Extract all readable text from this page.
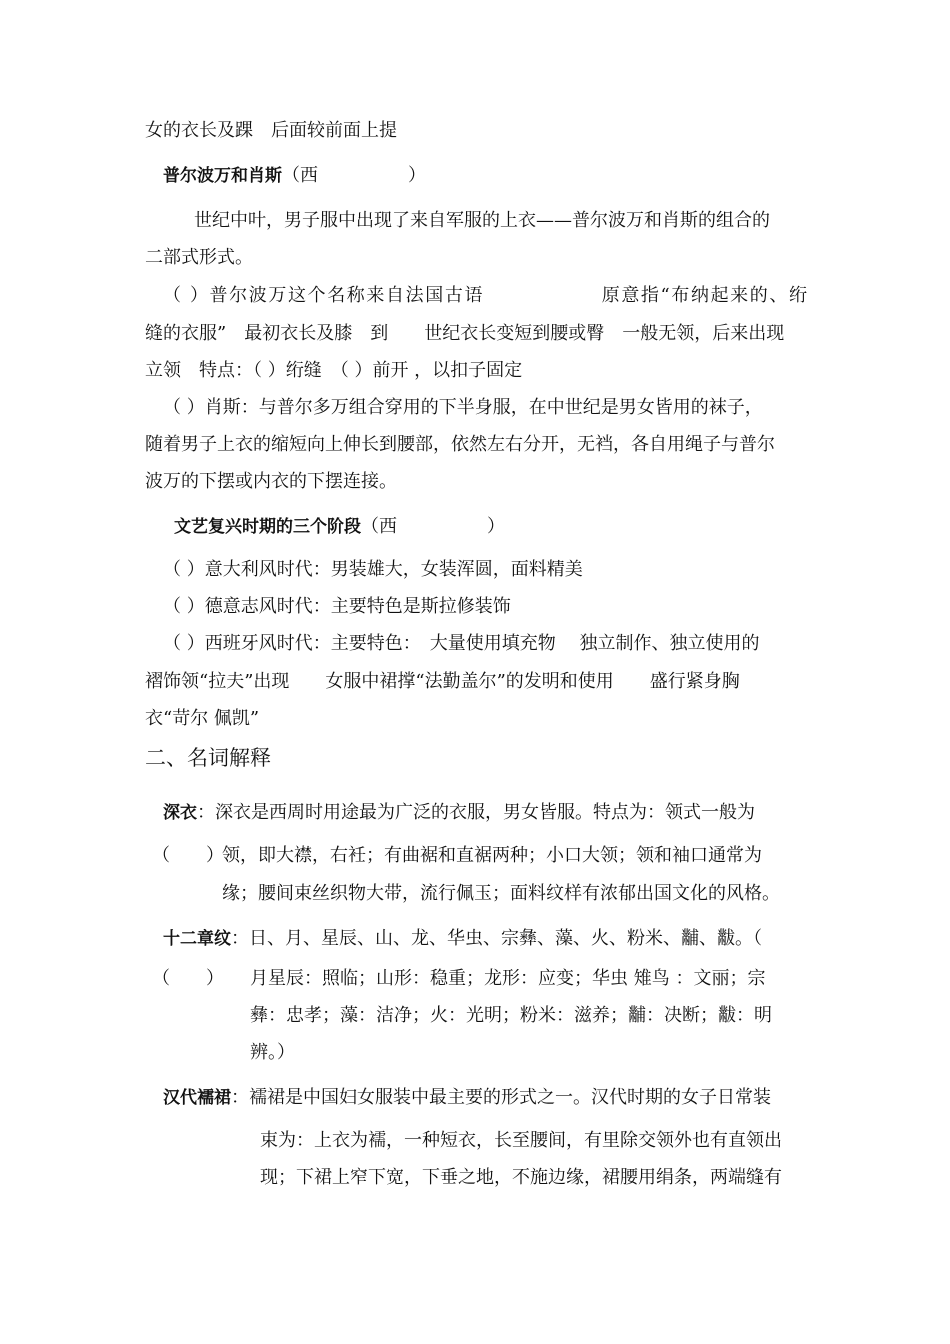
女的衣长及踝　后面较前面上提
普尔波万和肖斯（西　　　　　）
世纪中叶，男子服中出现了来自军服的上衣——普尔波万和肖斯的组合的
二部式形式。
（ ）普尔波万这个名称来自法国古语　　　　　　原意指“布纳起来的、绗
缝的衣服”　最初衣长及膝　到　　世纪衣长变短到腰或臀　一般无领，后来出现
立领　特点：（ ）绗缝　（ ）前开 ，以扣子固定
（ ）肖斯：与普尔多万组合穿用的下半身服，在中世纪是男女皆用的袜子，
随着男子上衣的缩短向上伸长到腰部，依然左右分开，无裆，各自用绳子与普尔
波万的下摆或内衣的下摆连接。
文艺复兴时期的三个阶段（西　　　　　）
（ ）意大利风时代：男装雄大，女装浑圆，面料精美
（ ）德意志风时代：主要特色是斯拉修装饰
（ ）西班牙风时代：主要特色：　大量使用填充物　 独立制作、独立使用的
褶饰领“拉夫”出现　　女服中裙撑“法勤盖尔”的发明和使用　　盛行紧身胸
衣“苛尔 佩凯”
二、名词解释
深衣：深衣是西周时用途最为广泛的衣服，男女皆服。特点为：领式一般为
（　　）
领，即大襟，右衽；有曲裾和直裾两种；小口大领；领和袖口通常为
缘；腰间束丝织物大带，流行佩玉；面料纹样有浓郁出国文化的风格。
十二章纹：日、月、星辰、山、龙、华虫、宗彝、藻、火、粉米、黼、黻。（
（　　） 月星辰：照临；山形：稳重；龙形：应变；华虫 雉鸟 ：文丽；宗
彝：忠孝；藻：洁净；火：光明；粉米：滋养；黼：决断；黻：明
辨。）
汉代襦裙：襦裙是中国妇女服装中最主要的形式之一。汉代时期的女子日常装
束为：上衣为襦，一种短衣，长至腰间，有里除交领外也有直领出
现；下裙上窄下宽，下垂之地，不施边缘，裙腰用绢条，两端缝有
